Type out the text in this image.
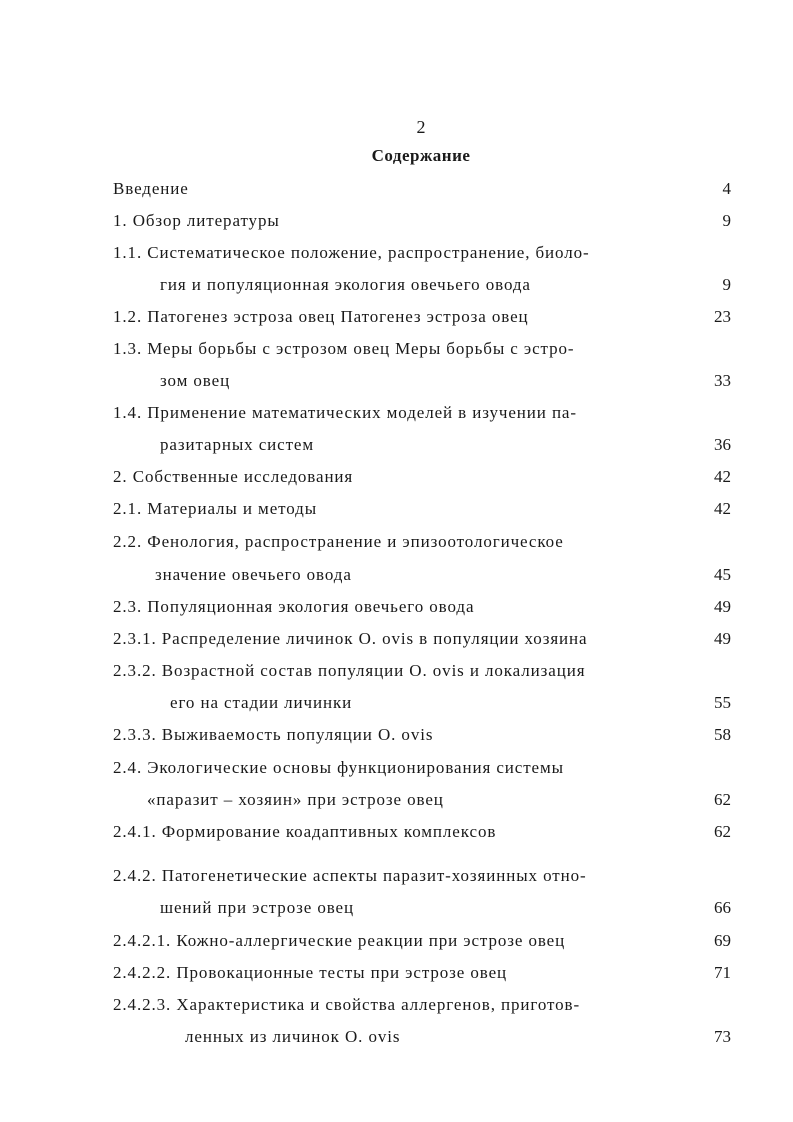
2
Содержание
Введение	4
1. Обзор литературы	9
1.1. Систематическое положение, распространение, биоло-
гия и популяционная экология овечьего овода	9
1.2. Патогенез эстроза овец Патогенез эстроза овец	23
1.3. Меры борьбы с эстрозом овец Меры борьбы с эстро-
зом овец	33
1.4. Применение математических моделей в изучении па-
разитарных систем	36
2. Собственные исследования	42
2.1. Материалы и методы	42
2.2. Фенология, распространение и эпизоотологическое
значение овечьего овода	45
2.3. Популяционная экология овечьего овода	49
2.3.1. Распределение личинок O. ovis в популяции хозяина	49
2.3.2. Возрастной состав популяции O. ovis и локализация
его на стадии личинки	55
2.3.3. Выживаемость популяции O. ovis	58
2.4. Экологические основы функционирования системы
«паразит – хозяин» при эстрозе овец	62
2.4.1. Формирование коадаптивных комплексов	62
2.4.2. Патогенетические аспекты паразит-хозяинных отно-
шений при эстрозе овец	66
2.4.2.1. Кожно-аллергические реакции при эстрозе овец	69
2.4.2.2. Провокационные тесты при эстрозе овец	71
2.4.2.3. Характеристика и свойства аллергенов, приготов-
ленных из личинок O. ovis	73
